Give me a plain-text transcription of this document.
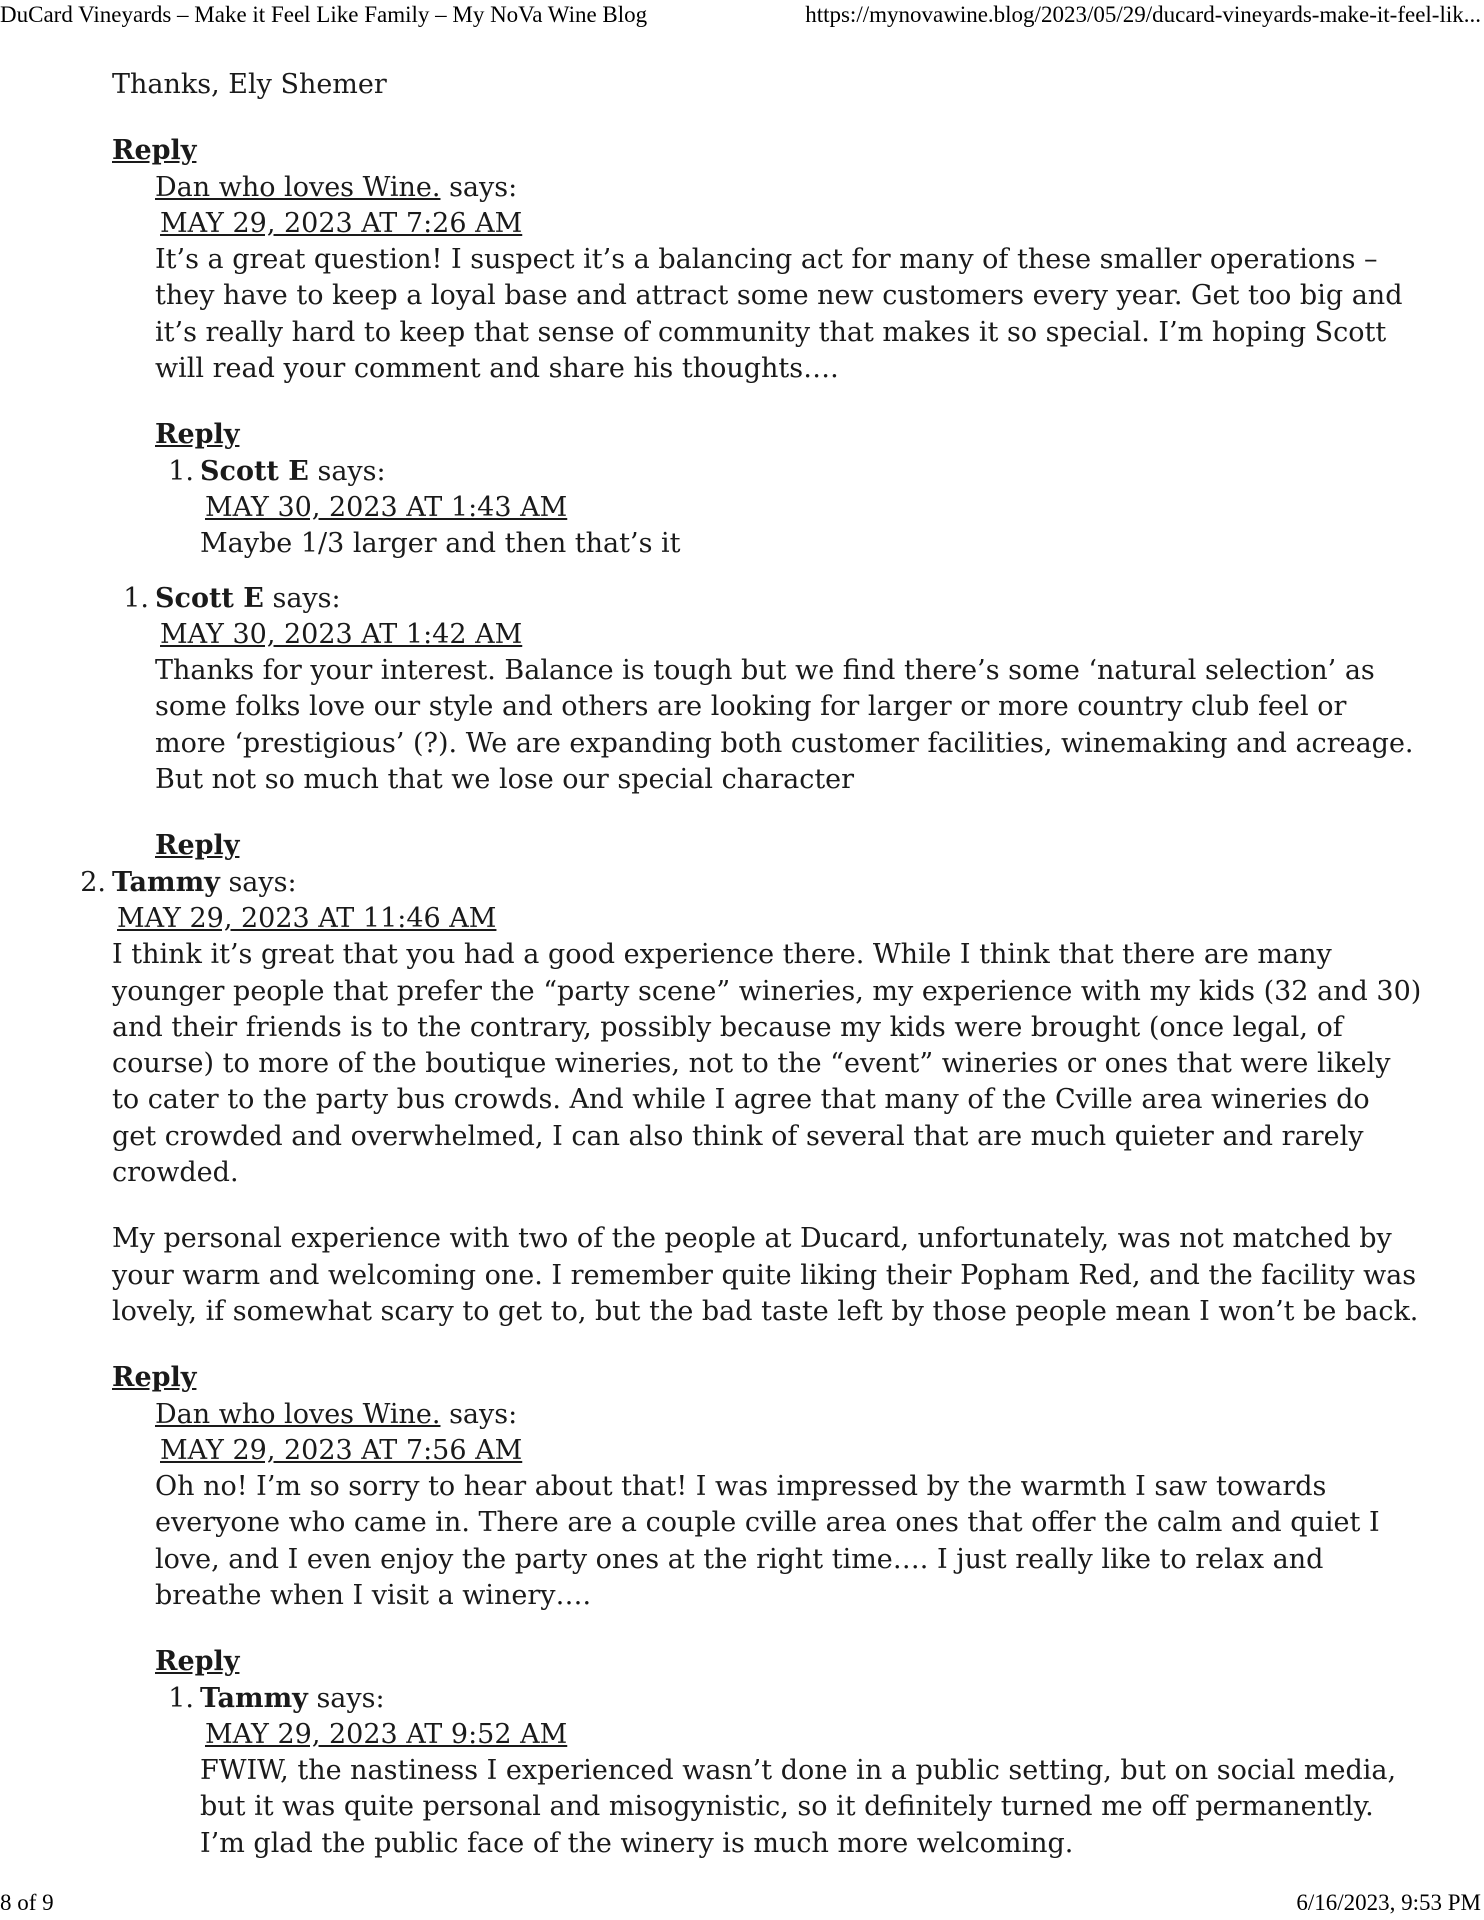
DuCard Vineyards – Make it Feel Like Family – My NoVa Wine Blog	https://mynovawine.blog/2023/05/29/ducard-vineyards-make-it-feel-lik...

Thanks, Ely Shemer

Reply
Dan who loves Wine. says:
MAY 29, 2023 AT 7:26 AM

It’s a great question! I suspect it’s a balancing act for many of these smaller operations – they have to keep a loyal base and attract some new customers every year. Get too big and it’s really hard to keep that sense of community that makes it so special. I’m hoping Scott will read your comment and share his thoughts….

Reply
1. Scott E says:
MAY 30, 2023 AT 1:43 AM

Maybe 1/3 larger and then that’s it

1. Scott E says:
MAY 30, 2023 AT 1:42 AM

Thanks for your interest. Balance is tough but we find there’s some ‘natural selection’ as some folks love our style and others are looking for larger or more country club feel or more ‘prestigious’ (?). We are expanding both customer facilities, winemaking and acreage. But not so much that we lose our special character

Reply
2. Tammy says:
MAY 29, 2023 AT 11:46 AM

I think it’s great that you had a good experience there. While I think that there are many younger people that prefer the “party scene” wineries, my experience with my kids (32 and 30) and their friends is to the contrary, possibly because my kids were brought (once legal, of course) to more of the boutique wineries, not to the “event” wineries or ones that were likely to cater to the party bus crowds. And while I agree that many of the Cville area wineries do get crowded and overwhelmed, I can also think of several that are much quieter and rarely crowded.

My personal experience with two of the people at Ducard, unfortunately, was not matched by your warm and welcoming one. I remember quite liking their Popham Red, and the facility was lovely, if somewhat scary to get to, but the bad taste left by those people mean I won’t be back.

Reply
Dan who loves Wine. says:
MAY 29, 2023 AT 7:56 AM

Oh no! I’m so sorry to hear about that! I was impressed by the warmth I saw towards everyone who came in. There are a couple cville area ones that offer the calm and quiet I love, and I even enjoy the party ones at the right time…. I just really like to relax and breathe when I visit a winery….

Reply
1. Tammy says:
MAY 29, 2023 AT 9:52 AM

FWIW, the nastiness I experienced wasn’t done in a public setting, but on social media, but it was quite personal and misogynistic, so it definitely turned me off permanently. I’m glad the public face of the winery is much more welcoming.

8 of 9	6/16/2023, 9:53 PM
